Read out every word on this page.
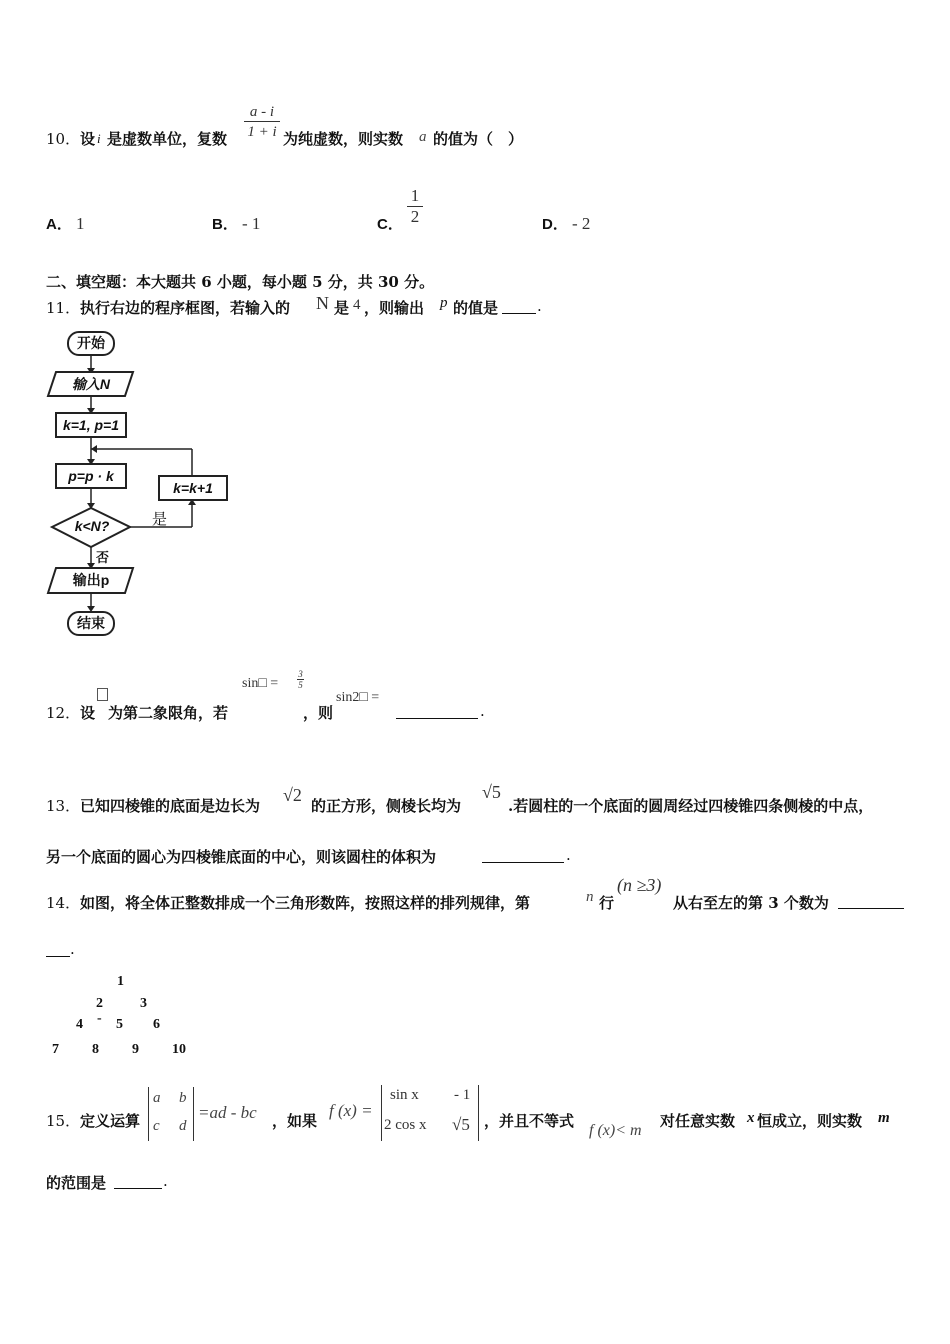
10． 设 i 是虚数单位，复数 $\frac{a - i}{1 + i}$ 为纯虚数，则实数 a 的值为（　）
A． 1	B． - 1	C． $\frac{1}{2}$	D． - 2
二、填空题：本大题共 6 小题，每小题 5 分，共 30 分。
11． 执行右边的程序框图，若输入的 N 是 4 ，则输出 p 的值是	.
开始
输入N
k=1, p=1
p=p · k
k=k+1
k<N?	是
否
输出p
结束
12． 设 为第二象限角，若
sin□ = $\frac{3}{5}$
，则
sin2□ =
.
13． 已知四棱锥的底面是边长为
√2
的正方形，侧棱长均为
√5
.若圆柱的一个底面的圆周经过四棱锥四条侧棱的中点，
另一个底面的圆心为四棱锥底面的中心，则该圆柱的体积为	.
14． 如图，将全体正整数排成一个三角形数阵，按照这样的排列规律，第	n 行
(n ≥3)
从右至左的第 3 个数为
.
1
2	3
4 - 5 6
7 8 9 10
15． 定义运算
a b
c d
=ad - bc ，如果
f (x) =
sin x - 1
2 cos x √5 ，并且不等式
f (x)< m
对任意实数 x 恒成立，则实数 m
的范围是	.
